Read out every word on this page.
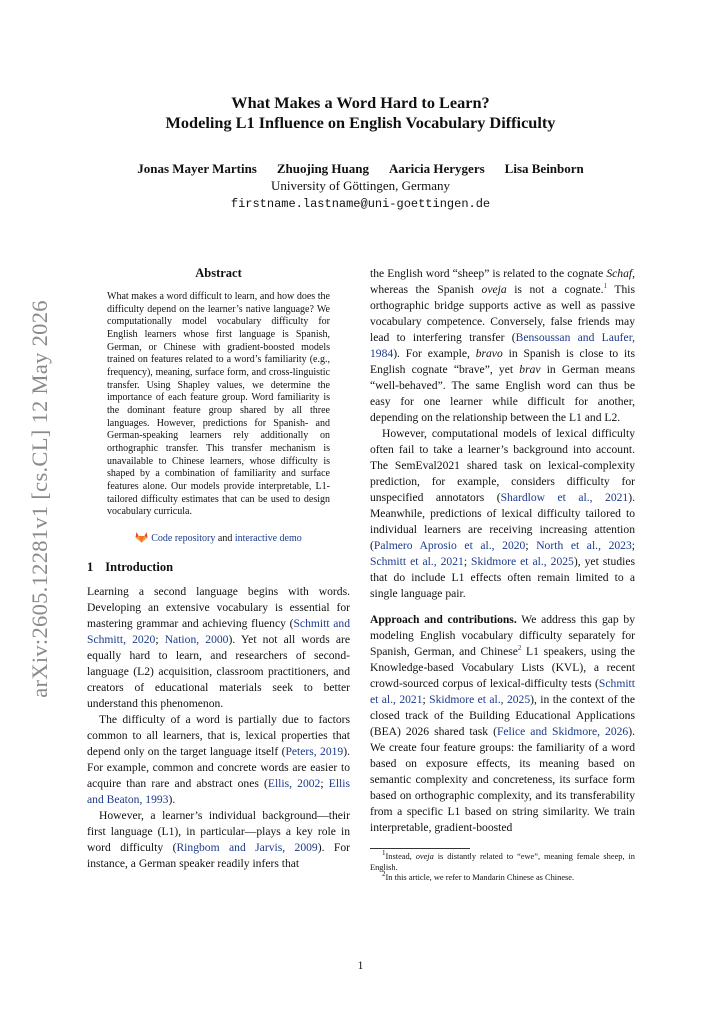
arXiv:2605.12281v1 [cs.CL] 12 May 2026
What Makes a Word Hard to Learn?
Modeling L1 Influence on English Vocabulary Difficulty
Jonas Mayer Martins Zhuojing Huang Aaricia Herygers Lisa Beinborn
University of Göttingen, Germany
firstname.lastname@uni-goettingen.de
Abstract
What makes a word difficult to learn, and how does the difficulty depend on the learner’s native language? We computationally model vocabulary difficulty for English learners whose first language is Spanish, German, or Chinese with gradient-boosted models trained on features related to a word’s familiarity (e.g., frequency), meaning, surface form, and cross-linguistic transfer. Using Shapley values, we determine the importance of each feature group. Word familiarity is the dominant feature group shared by all three languages. However, predictions for Spanish- and German-speaking learners rely additionally on orthographic transfer. This transfer mechanism is unavailable to Chinese learners, whose difficulty is shaped by a combination of familiarity and surface features alone. Our models provide interpretable, L1-tailored difficulty estimates that can be used to design vocabulary curricula.
Code repository and interactive demo
1 Introduction

Learning a second language begins with words. Developing an extensive vocabulary is essential for mastering grammar and achieving fluency (Schmitt and Schmitt, 2020; Nation, 2000). Yet not all words are equally hard to learn, and researchers of second-language (L2) acquisition, classroom practitioners, and creators of educational materials seek to better understand this phenomenon.

The difficulty of a word is partially due to factors common to all learners, that is, lexical properties that depend only on the target language itself (Peters, 2019). For example, common and concrete words are easier to acquire than rare and abstract ones (Ellis, 2002; Ellis and Beaton, 1993).

However, a learner’s individual background—their first language (L1), in particular—plays a key role in word difficulty (Ringbom and Jarvis, 2009). For instance, a German speaker readily infers that

the English word “sheep” is related to the cognate Schaf, whereas the Spanish oveja is not a cognate.$^1$ This orthographic bridge supports active as well as passive vocabulary competence. Conversely, false friends may lead to interfering transfer (Bensoussan and Laufer, 1984). For example, bravo in Spanish is close to its English cognate “brave”, yet brav in German means “well-behaved”. The same English word can thus be easy for one learner while difficult for another, depending on the relationship between the L1 and L2.

However, computational models of lexical difficulty often fail to take a learner’s background into account. The SemEval2021 shared task on lexical-complexity prediction, for example, considers difficulty for unspecified annotators (Shardlow et al., 2021). Meanwhile, predictions of lexical difficulty tailored to individual learners are receiving increasing attention (Palmero Aprosio et al., 2020; North et al., 2023; Schmitt et al., 2021; Skidmore et al., 2025), yet studies that do include L1 effects often remain limited to a single language pair.

Approach and contributions. We address this gap by modeling English vocabulary difficulty separately for Spanish, German, and Chinese$^2$ L1 speakers, using the Knowledge-based Vocabulary Lists (KVL), a recent crowd-sourced corpus of lexical-difficulty tests (Schmitt et al., 2021; Skidmore et al., 2025), in the context of the closed track of the Building Educational Applications (BEA) 2026 shared task (Felice and Skidmore, 2026). We create four feature groups: the familiarity of a word based on exposure effects, its meaning based on semantic complexity and concreteness, its surface form based on orthographic complexity, and its transferability from a specific L1 based on string similarity. We train interpretable, gradient-boosted

$^1$Instead, oveja is distantly related to “ewe”, meaning female sheep, in English.

$^2$In this article, we refer to Mandarin Chinese as Chinese.

1
